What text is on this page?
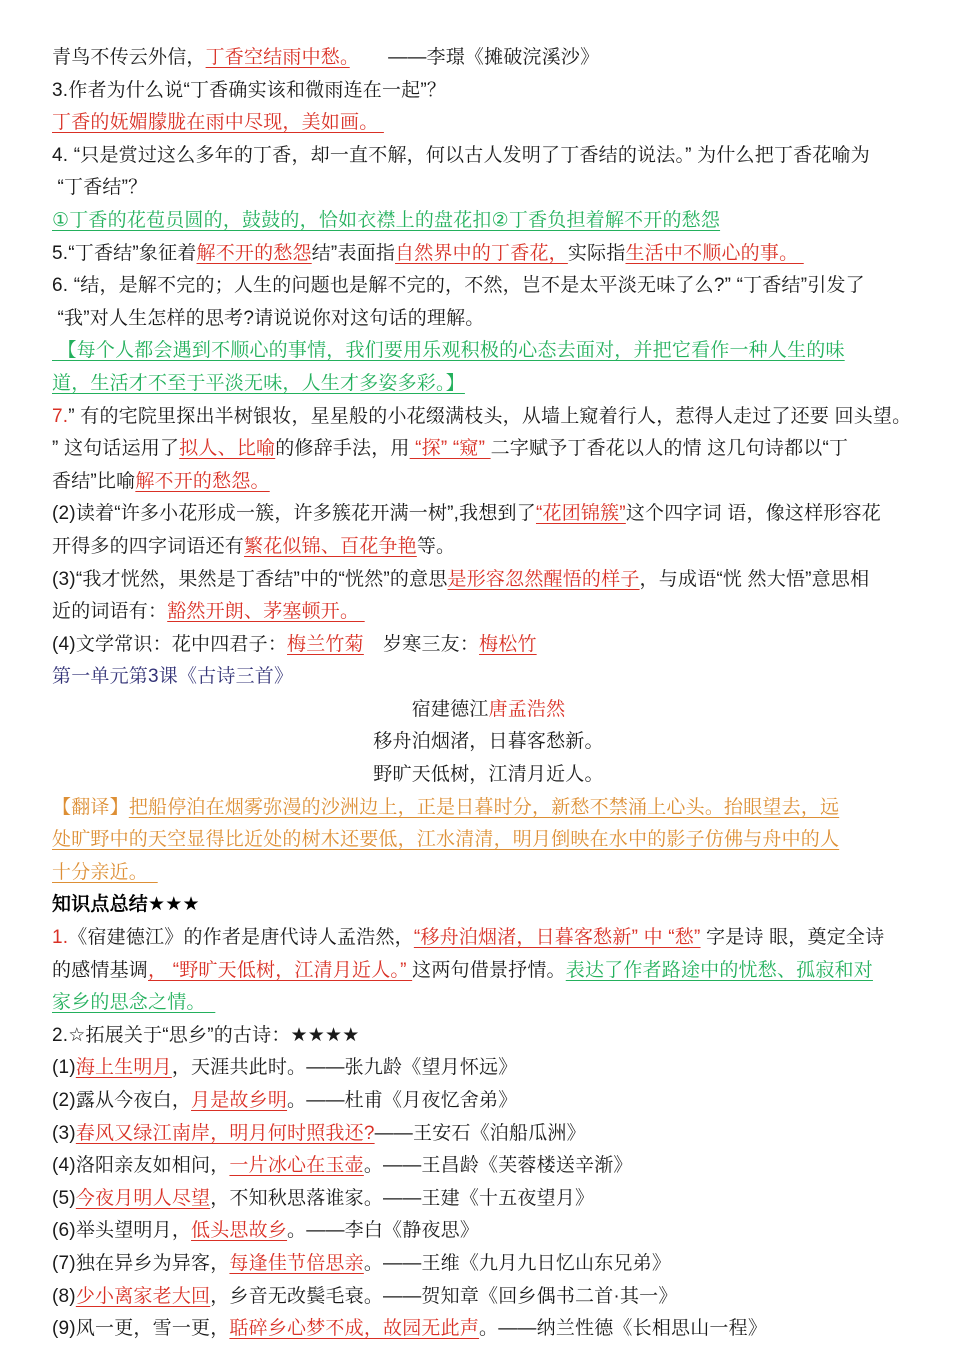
青鸟不传云外信，丁香空结雨中愁。　　——李璟《摊破浣溪沙》
3.作者为什么说“丁香确实该和微雨连在一起”？
丁香的妩媚朦胧在雨中尽现，美如画。
4. “只是赏过这么多年的丁香，却一直不解，何以古人发明了丁香结的说法。” 为什么把丁香花喻为
“丁香结”？
①丁香的花苞员圆的，鼓鼓的，恰如衣襟上的盘花扣②丁香负担着解不开的愁怨
5.“丁香结”象征着解不开的愁怨结”表面指自然界中的丁香花，实际指生活中不顺心的事。
6. “结，是解不完的；人生的问题也是解不完的，不然，岂不是太平淡无味了么?” “丁香结”引发了
“我”对人生怎样的思考?请说说你对这句话的理解。
【每个人都会遇到不顺心的事情，我们要用乐观积极的心态去面对，并把它看作一种人生的味
道，生活才不至于平淡无味，人生才多姿多彩。】
7.” 有的宅院里探出半树银妆，星星般的小花缀满枝头，从墙上窥着行人，惹得人走过了还要 回头望。
” 这句话运用了拟人、比喻的修辞手法，用 “探” “窥” 二字赋予丁香花以人的情 这几句诗都以“丁
香结”比喻解不开的愁怨。
(2)读着“许多小花形成一簇，许多簇花开满一树”,我想到了“花团锦簇”这个四字词 语，像这样形容花
开得多的四字词语还有繁花似锦、百花争艳等。
(3)“我才恍然，果然是丁香结”中的“恍然”的意思是形容忽然醒悟的样子，与成语“恍 然大悟”意思相
近的词语有：豁然开朗、茅塞顿开。
(4)文学常识：花中四君子：梅兰竹菊　岁寒三友：梅松竹
第一单元第3课《古诗三首》
宿建德江唐孟浩然
移舟泊烟渚，日暮客愁新。
野旷天低树，江清月近人。
【翻译】把船停泊在烟雾弥漫的沙洲边上，正是日暮时分，新愁不禁涌上心头。抬眼望去，远
处旷野中的天空显得比近处的树木还要低，江水清清，明月倒映在水中的影子仿佛与舟中的人
十分亲近。　
知识点总结★★★
1.《宿建德江》的作者是唐代诗人孟浩然，“移舟泊烟渚，日暮客愁新” 中 “愁” 字是诗 眼，奠定全诗
的感情基调， “野旷天低树，江清月近人。” 这两句借景抒情。表达了作者路途中的忧愁、孤寂和对
家乡的思念之情。　
2.☆拓展关于“思乡”的古诗：★★★★
(1)海上生明月，天涯共此时。——张九龄《望月怀远》
(2)露从今夜白，月是故乡明。——杜甫《月夜忆舍弟》
(3)春风又绿江南岸，明月何时照我还?——王安石《泊船瓜洲》
(4)洛阳亲友如相问，一片冰心在玉壶。——王昌龄《芙蓉楼送辛渐》
(5)今夜月明人尽望，不知秋思落谁家。——王建《十五夜望月》
(6)举头望明月，低头思故乡。——李白《静夜思》
(7)独在异乡为异客，每逢佳节倍思亲。——王维《九月九日忆山东兄弟》
(8)少小离家老大回，乡音无改鬓毛衰。——贺知章《回乡偶书二首·其一》
(9)风一更，雪一更，聒碎乡心梦不成，故园无此声。——纳兰性德《长相思山一程》
